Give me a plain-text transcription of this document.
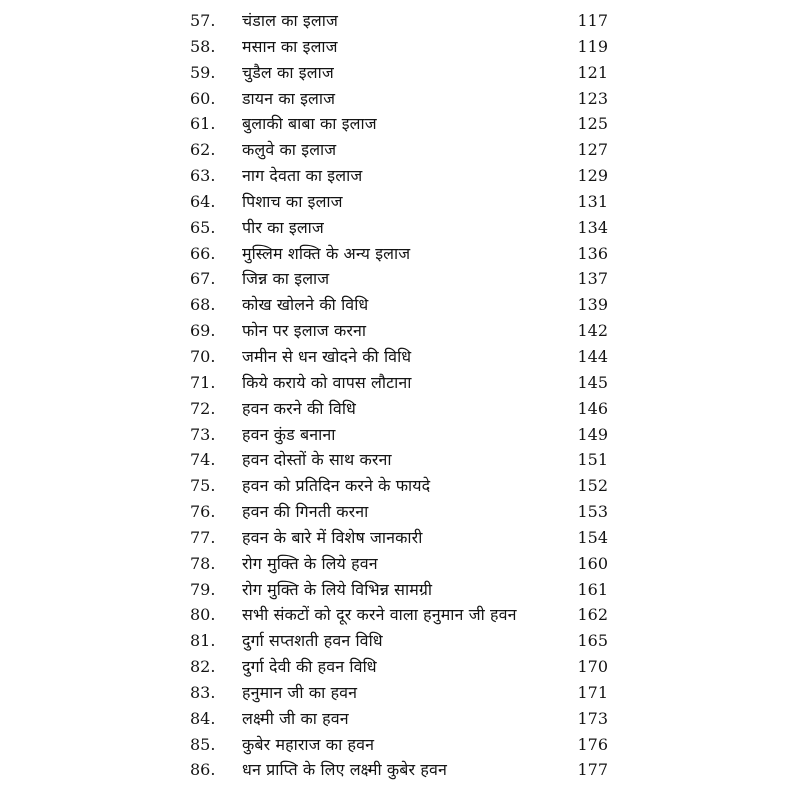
57.	चंडाल का इलाज	117
58.	मसान का इलाज	119
59.	चुडैल का इलाज	121
60.	डायन का इलाज	123
61.	बुलाकी बाबा का इलाज	125
62.	कलुवे का इलाज	127
63.	नाग देवता का इलाज	129
64.	पिशाच का इलाज	131
65.	पीर का इलाज	134
66.	मुस्लिम शक्ति के अन्य इलाज	136
67.	जिन्न का इलाज	137
68.	कोख खोलने की विधि	139
69.	फोन पर इलाज करना	142
70.	जमीन से धन खोदने की विधि	144
71.	किये कराये को वापस लौटाना	145
72.	हवन करने की विधि	146
73.	हवन कुंड बनाना	149
74.	हवन दोस्तों के साथ करना	151
75.	हवन को प्रतिदिन करने के फायदे	152
76.	हवन की गिनती करना	153
77.	हवन के बारे में विशेष जानकारी	154
78.	रोग मुक्ति के लिये हवन	160
79.	रोग मुक्ति के लिये विभिन्न सामग्री	161
80.	सभी संकटों को दूर करने वाला हनुमान जी हवन	162
81.	दुर्गा सप्तशती हवन विधि	165
82.	दुर्गा देवी की हवन विधि	170
83.	हनुमान जी का हवन	171
84.	लक्ष्मी जी का हवन	173
85.	कुबेर महाराज का हवन	176
86.	धन प्राप्ति के लिए लक्ष्मी कुबेर हवन	177
